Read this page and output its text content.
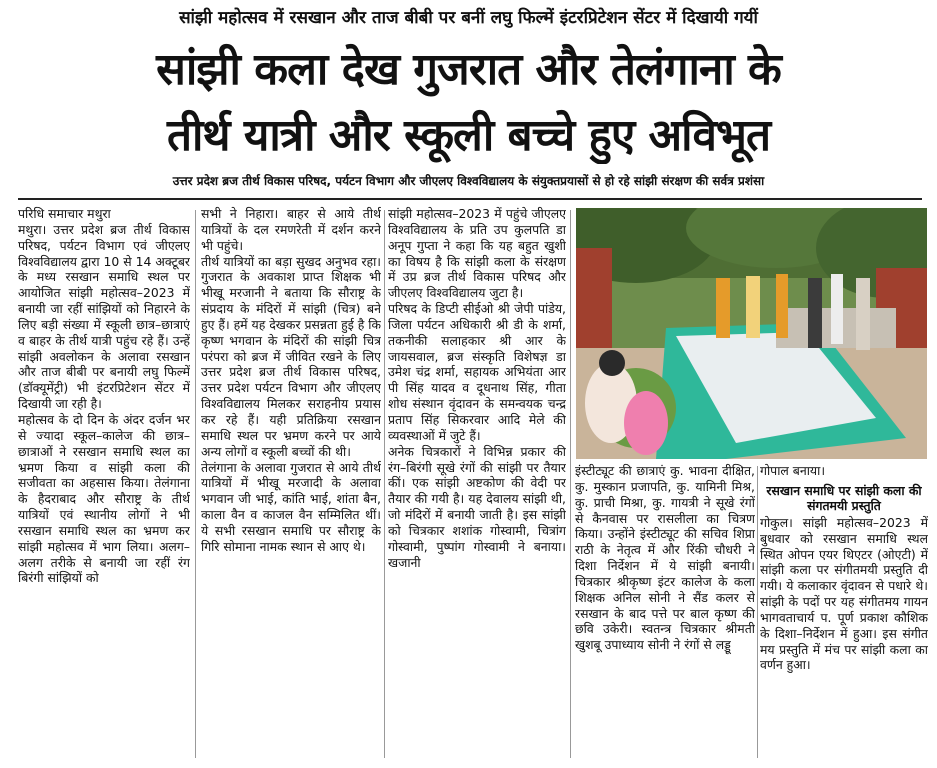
सांझी महोत्सव में रसखान और ताज बीबी पर बनीं लघु फिल्में इंटरप्रिटेशन सेंटर में दिखायी गयीं
सांझी कला देख गुजरात और तेलंगाना के
तीर्थ यात्री और स्कूली बच्चे हुए अविभूत
उत्तर प्रदेश ब्रज तीर्थ विकास परिषद, पर्यटन विभाग और जीएलए विश्वविद्यालय के संयुक्तप्रयासों से हो रहे सांझी संरक्षण की सर्वत्र प्रशंसा

परिधि समाचार मथुरा

मथुरा। उत्तर प्रदेश ब्रज तीर्थ विकास परिषद, पर्यटन विभाग एवं जीएलए विश्वविद्यालय द्वारा 10 से 14 अक्टूबर के मध्य रसखान समाधि स्थल पर आयोजित सांझी महोत्सव–2023 में बनायी जा रहीं सांझियों को निहारने के लिए बड़ी संख्या में स्कूली छात्र–छात्राएं व बाहर के तीर्थ यात्री पहुंच रहे हैं। उन्हें सांझी अवलोकन के अलावा रसखान और ताज बीबी पर बनायी लघु फिल्में (डॉक्यूमेंट्री) भी इंटरप्रिटेशन सेंटर में दिखायी जा रही है।

महोत्सव के दो दिन के अंदर दर्जन भर से ज्यादा स्कूल–कालेज की छात्र–छात्राओं ने रसखान समाधि स्थल का भ्रमण किया व सांझी कला की सजीवता का अहसास किया। तेलंगाना के हैदराबाद और सौराष्ट्र के तीर्थ यात्रियों एवं स्थानीय लोगों ने भी रसखान समाधि स्थल का भ्रमण कर सांझी महोत्सव में भाग लिया। अलग–अलग तरीके से बनायी जा रहीं रंग बिरंगी सांझियों को

सभी ने निहारा। बाहर से आये तीर्थ यात्रियों के दल रमणरेती में दर्शन करने भी पहुंचे।

तीर्थ यात्रियों का बड़ा सुखद अनुभव रहा। गुजरात के अवकाश प्राप्त शिक्षक भी भीखू मरजानी ने बताया कि सौराष्ट्र के संप्रदाय के मंदिरों में सांझी (चित्र) बने हुए हैं। हमें यह देखकर प्रसन्नता हुई है कि कृष्ण भगवान के मंदिरों की सांझी चित्र परंपरा को ब्रज में जीवित रखने के लिए उत्तर प्रदेश ब्रज तीर्थ विकास परिषद, उत्तर प्रदेश पर्यटन विभाग और जीएलए विश्वविद्यालय मिलकर सराहनीय प्रयास कर रहे हैं। यही प्रतिक्रिया रसखान समाधि स्थल पर भ्रमण करने पर आये अन्य लोगों व स्कूली बच्चों की थी।

तेलंगाना के अलावा गुजरात से आये तीर्थ यात्रियों में भीखू मरजादी के अलावा भगवान जी भाई, कांति भाई, शांता बैन, काला वैन व काजल वैन सम्मिलित थीं। ये सभी रसखान समाधि पर सौराष्ट्र के गिरि सोमाना नामक स्थान से आए थे।

सांझी महोत्सव–2023 में पहुंचे जीएलए विश्वविद्यालय के प्रति उप कुलपति डा अनूप गुप्ता ने कहा कि यह बहुत खुशी का विषय है कि सांझी कला के संरक्षण में उप्र ब्रज तीर्थ विकास परिषद और जीएलए विश्वविद्यालय जुटा है।

परिषद के डिप्टी सीईओ श्री जेपी पांडेय, जिला पर्यटन अधिकारी श्री डी के शर्मा, तकनीकी सलाहकार श्री आर के जायसवाल, ब्रज संस्कृति विशेषज्ञ डा उमेश चंद्र शर्मा, सहायक अभियंता आर पी सिंह यादव व दूधनाथ सिंह, गीता शोध संस्थान वृंदावन के समन्वयक चन्द्र प्रताप सिंह सिकरवार आदि मेले की व्यवस्थाओं में जुटे हैं।

अनेक चित्रकारों ने विभिन्न प्रकार की रंग–बिरंगी सूखे रंगों की सांझी पर तैयार कीं। एक सांझी अष्टकोण की वेदी पर तैयार की गयी है। यह देवालय सांझी थी, जो मंदिरों में बनायी जाती है। इस सांझी को चित्रकार शशांक गोस्वामी, चित्रांग गोस्वामी, पुष्पांग गोस्वामी ने बनाया। खजानी

इंस्टीट्यूट की छात्राएं कु. भावना दीक्षित, कु. मुस्कान प्रजापति, कु. यामिनी मिश्र, कु. प्राची मिश्रा, कु. गायत्री ने सूखे रंगों से कैनवास पर रासलीला का चित्रण किया। उन्होंने इंस्टीट्यूट की सचिव शिप्रा राठी के नेतृत्व में और रिंकी चौधरी ने दिशा निर्देशन में ये सांझी बनायी। चित्रकार श्रीकृष्ण इंटर कालेज के कला शिक्षक अनिल सोनी ने सैंड कलर से रसखान के बाद पत्ते पर बाल कृष्ण की छवि उकेरी। स्वतन्त्र चित्रकार श्रीमती खुशबू उपाध्याय सोनी ने रंगों से लड्डू

गोपाल बनाया।

रसखान समाधि पर सांझी कला की संगतमयी प्रस्तुति

गोकुल। सांझी महोत्सव–2023 में बुधवार को रसखान समाधि स्थल स्थित ओपन एयर थिएटर (ओएटी) में सांझी कला पर संगीतमयी प्रस्तुति दी गयी। ये कलाकार वृंदावन से पधारे थे। सांझी के पदों पर यह संगीतमय गायन भागवताचार्य प. पूर्ण प्रकाश कौशिक के दिशा–निर्देशन में हुआ। इस संगीत मय प्रस्तुति में मंच पर सांझी कला का वर्णन हुआ।
